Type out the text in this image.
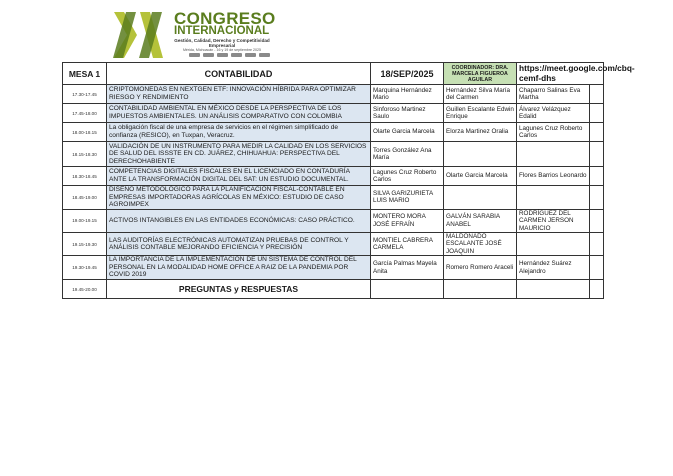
CONGRESO
INTERNACIONAL
Gestión, Calidad, Derecho y Competitividad Empresarial
Mérida, Michoacán - 16 y 19 de septiembre 2025
MESA 1	CONTABILIDAD	18/SEP/2025	COORDINADOR: DRA. MARCELA FIGUEROA AGUILAR	https://meet.google.com/cbq-cemf-dhs	
17.30-17.45	CRIPTOMONEDAS EN NEXTGEN ETF: INNOVACIÓN HÍBRIDA PARA OPTIMIZAR RIESGO Y RENDIMIENTO	Marquina Hernández Mario	Hernández Silva María del Carmen	Chaparro Salinas Eva Martha	
17.45-18.00	CONTABILIDAD AMBIENTAL EN MÉXICO DESDE LA PERSPECTIVA DE LOS IMPUESTOS AMBIENTALES. UN ANÁLISIS COMPARATIVO CON COLOMBIA	Sinforoso Martinez Saulo	Guillen Escalante Edwin Enrique	Álvarez Velázquez Edalid	
18.00-18.15	La obligación fiscal de una empresa de servicios en el régimen simplificado de confianza (RESICO), en Tuxpan, Veracruz.	Olarte Garcia Marcela	Elorza Martinez Oralia	Lagunes Cruz Roberto Carlos	
18.15-18.30	VALIDACIÓN DE UN INSTRUMENTO PARA MEDIR LA CALIDAD EN LOS SERVICIOS DE SALUD DEL ISSSTE EN CD. JUÁREZ, CHIHUAHUA: PERSPECTIVA DEL DERECHOHABIENTE	Torres González Ana María			
18.30-18.45	COMPETENCIAS DIGITALES FISCALES EN EL LICENCIADO EN CONTADURÍA ANTE LA TRANSFORMACIÓN DIGITAL DEL SAT: UN ESTUDIO DOCUMENTAL.	Lagunes Cruz Roberto Carlos	Olarte Garcia Marcela	Flores Barrios Leonardo	
18.45-19.00	DISEÑO METODOLÓGICO PARA LA PLANIFICACIÓN FISCAL-CONTABLE EN EMPRESAS IMPORTADORAS AGRÍCOLAS EN MÉXICO: ESTUDIO DE CASO AGROIMPEX	SILVA GARIZURIETA LUIS MARIO			
19.00-19.15	ACTIVOS INTANGIBLES EN LAS ENTIDADES ECONÓMICAS: CASO PRÁCTICO.	MONTERO MORA JOSÉ EFRAÍN	GALVÁN SARABIA ANABEL	RODRÍGUEZ DEL CARMEN JERSON MAURICIO	
19.15-19.30	LAS AUDITORÍAS ELECTRÓNICAS AUTOMATIZAN PRUEBAS DE CONTROL Y ANÁLISIS CONTABLE MEJORANDO EFICIENCIA Y PRECISIÓN	MONTIEL CABRERA CARMELA	MALDONADO ESCALANTE JOSÉ JOAQUIN		
19.30-19.45	LA IMPORTANCIA DE LA IMPLEMENTACIÓN DE UN SISTEMA DE CONTROL DEL PERSONAL EN LA MODALIDAD HOME OFFICE A RAIZ DE LA PANDEMIA POR COVID 2019	García Palmas Mayela Anita	Romero Romero Araceli	Hernández Suárez Alejandro	
19.45-20.00	PREGUNTAS y RESPUESTAS				
